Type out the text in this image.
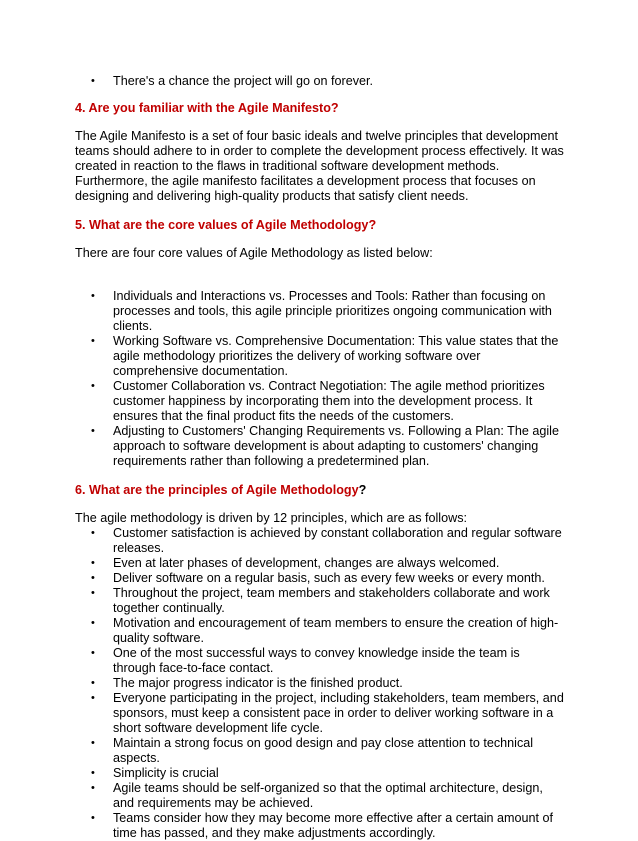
• There's a chance the project will go on forever.
4. Are you familiar with the Agile Manifesto?

The Agile Manifesto is a set of four basic ideals and twelve principles that development teams should adhere to in order to complete the development process effectively. It was created in reaction to the flaws in traditional software development methods. Furthermore, the agile manifesto facilitates a development process that focuses on designing and delivering high-quality products that satisfy client needs.

5. What are the core values of Agile Methodology?

There are four core values of Agile Methodology as listed below:

• Individuals and Interactions vs. Processes and Tools: Rather than focusing on processes and tools, this agile principle prioritizes ongoing communication with clients.
• Working Software vs. Comprehensive Documentation: This value states that the agile methodology prioritizes the delivery of working software over comprehensive documentation.
• Customer Collaboration vs. Contract Negotiation: The agile method prioritizes customer happiness by incorporating them into the development process. It ensures that the final product fits the needs of the customers.
• Adjusting to Customers' Changing Requirements vs. Following a Plan: The agile approach to software development is about adapting to customers' changing requirements rather than following a predetermined plan.
6. What are the principles of Agile Methodology?

The agile methodology is driven by 12 principles, which are as follows:

• Customer satisfaction is achieved by constant collaboration and regular software releases.
• Even at later phases of development, changes are always welcomed.
• Deliver software on a regular basis, such as every few weeks or every month.
• Throughout the project, team members and stakeholders collaborate and work together continually.
• Motivation and encouragement of team members to ensure the creation of high-quality software.
• One of the most successful ways to convey knowledge inside the team is through face-to-face contact.
• The major progress indicator is the finished product.
• Everyone participating in the project, including stakeholders, team members, and sponsors, must keep a consistent pace in order to deliver working software in a short software development life cycle.
• Maintain a strong focus on good design and pay close attention to technical aspects.
• Simplicity is crucial
• Agile teams should be self-organized so that the optimal architecture, design, and requirements may be achieved.
• Teams consider how they may become more effective after a certain amount of time has passed, and they make adjustments accordingly.
